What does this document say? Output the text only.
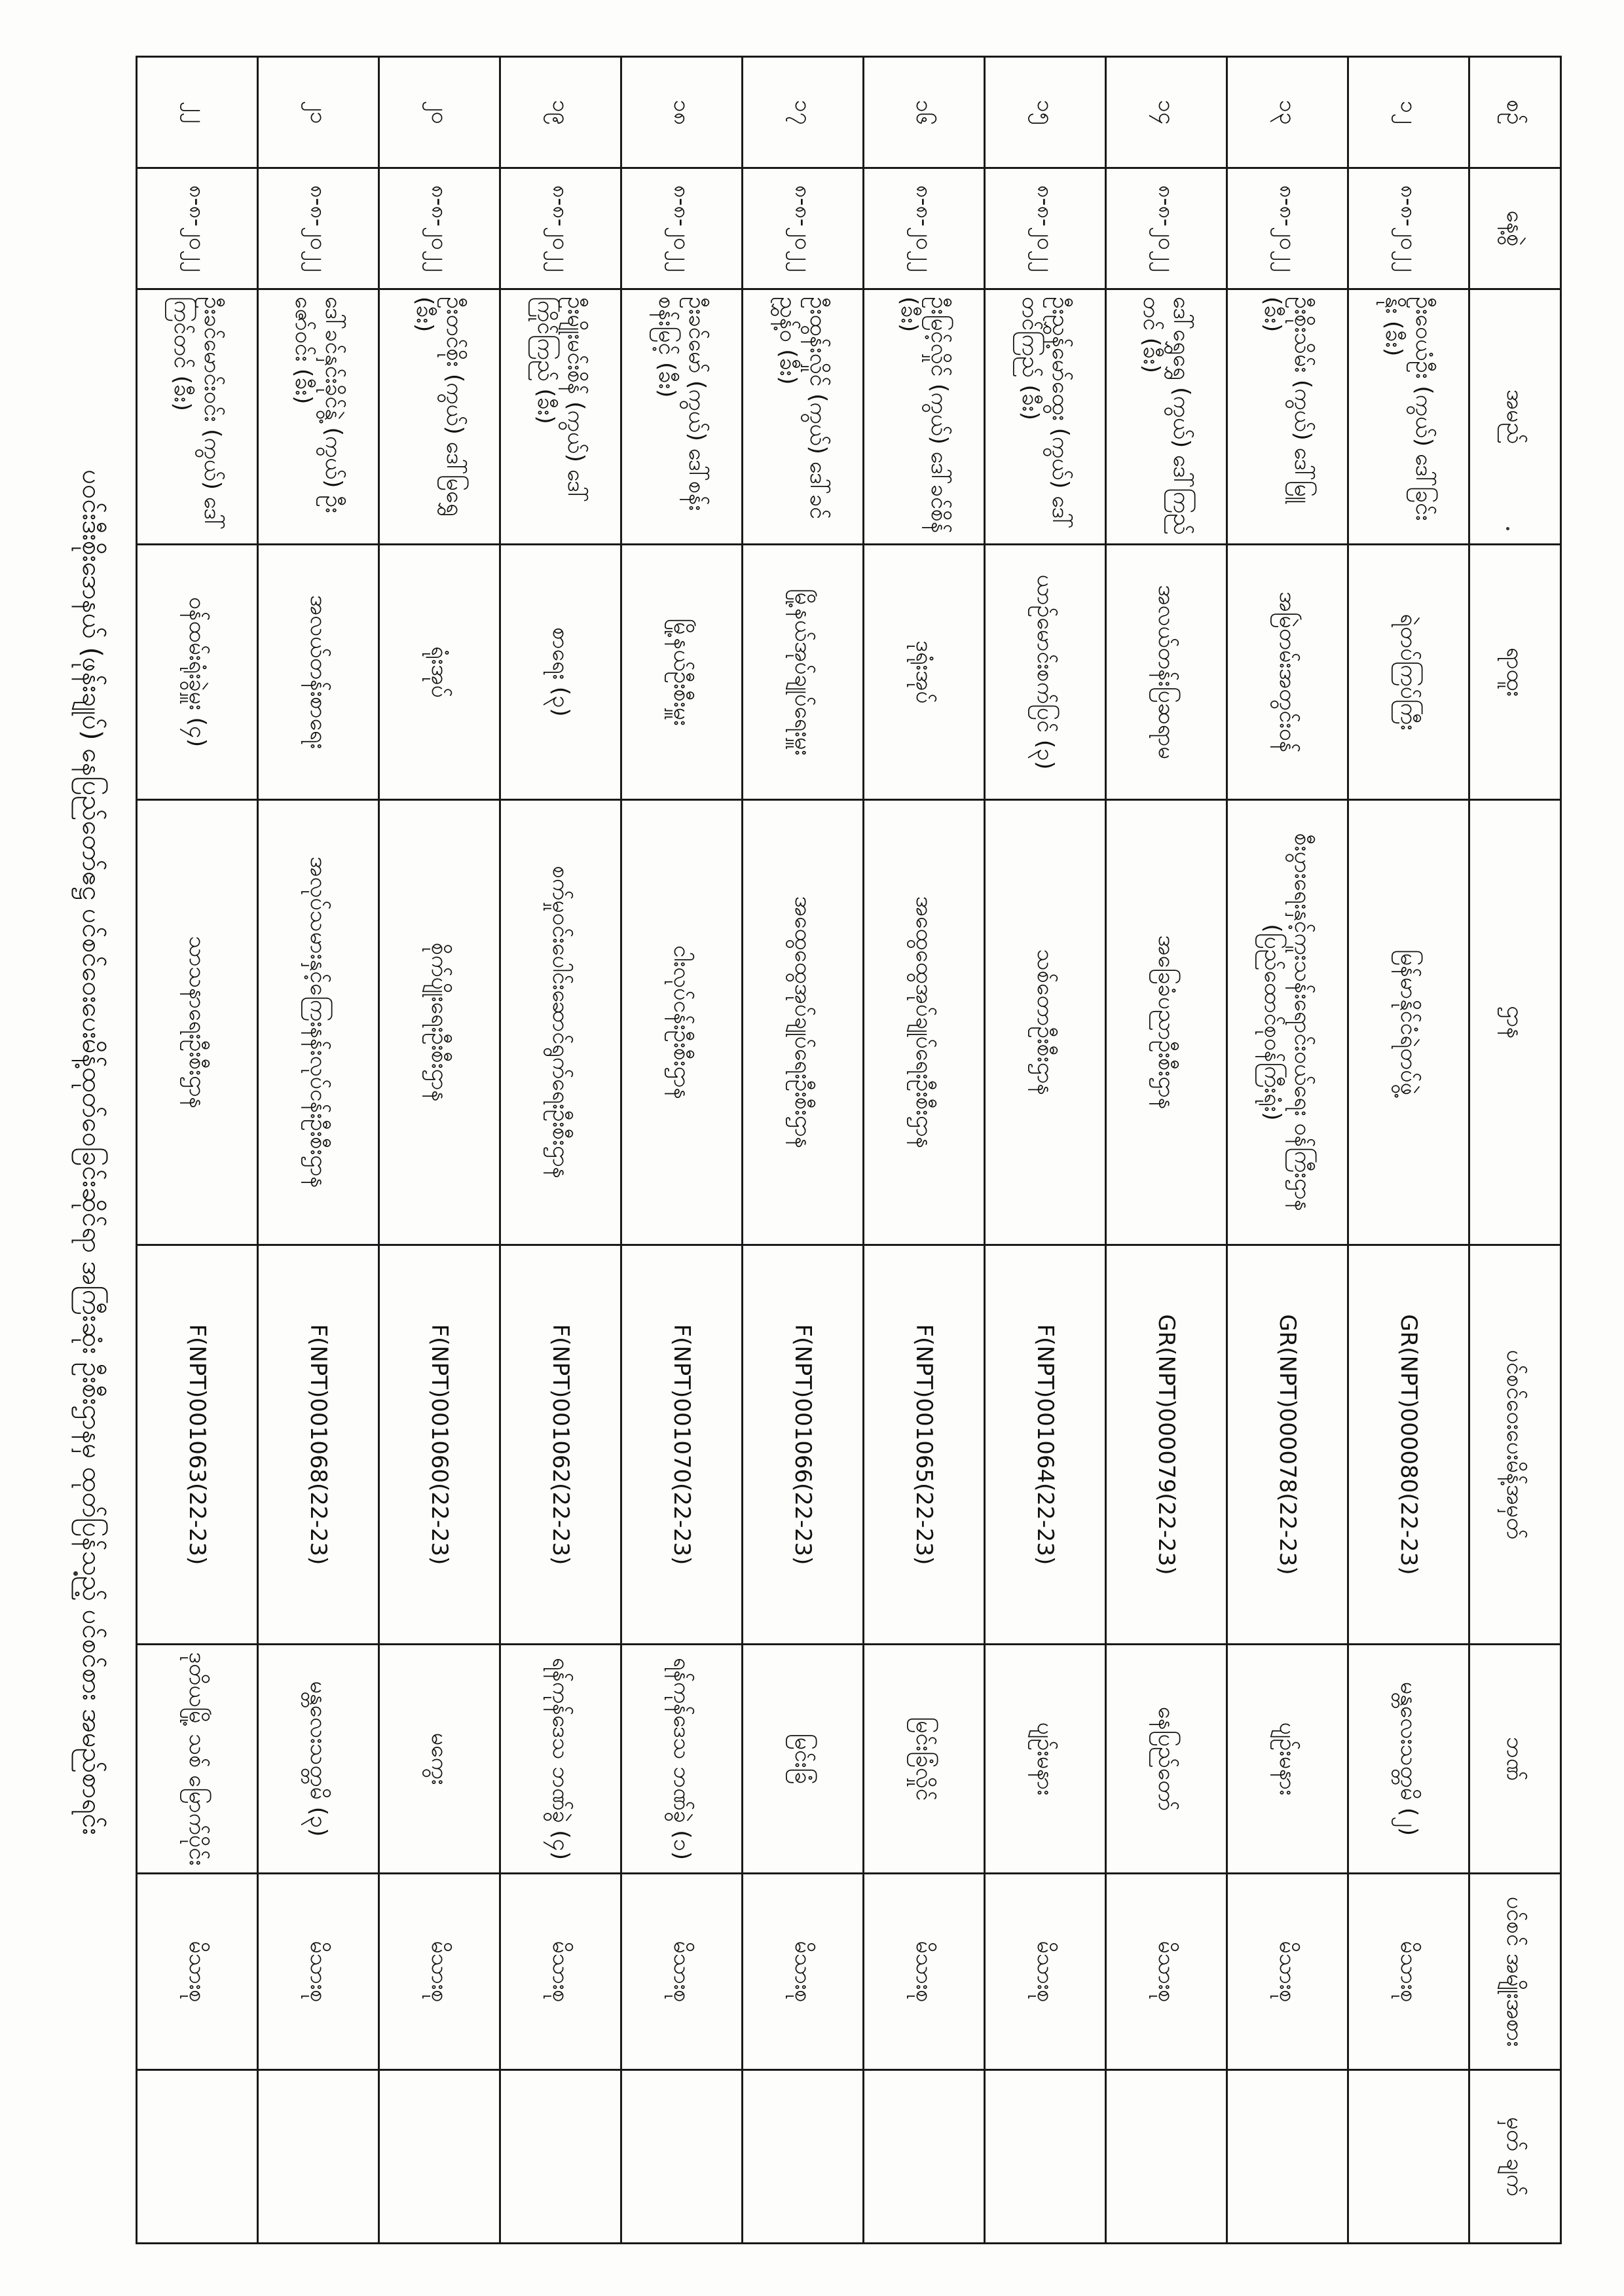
ပဝင်းဒီးစိုးဒောနယ် (ဖုန်းချုပ်) နေပြည်တော်ဧဋ္ဌ ပင်စင်ဝေးပေးမိန့်ထုတ်ဝေခြင်းဆိုင်ရာ အကြီးဆုံး ဦးစီးဌာနမှ ထုတ်ပြန်သည့် ပင်စင်စား အမည်စာရင်း
စဉ်	နေ့စွဲ	အမည်	ရာထူး	ဌာန	ပင်စင်ဝေးပေးမိန့်အမှတ်	ဘဏ်	ပင်စင် အမျိုးအစား	မှတ် ချက်
၁၂	၈-၈-၂၀၂၂	ဦးဝေယံဦး (ကွယ်) ဒေါ်ခြင်းနိုး (ခီး)	ရဲတပ်ကြပ်ကြီး	မြန်မာနိုင်ငံရဲတပ်ဖွဲ့	GR(NPT)000080(22-23)	မန္တလေးသတ္တမိ (၂)	မိသားစု	
၁၃	၈-၈-၂၀၂၂	ဦးစိုးသိမ်း (ကွယ်) ဒေါ်မြူ (ခီး)	အမြဲတမ်းအတွင်းဝန်	စီးပွားရေးနှင့်ကူးသန်းရောင်းဝယ်ရေး ဝန်ကြီးဌာန (ပြည်ထောင်စုဝန်ကြီးရုံး)	GR(NPT)000078(22-23)	ပျဉ်းမနား	မိသားစု	
၁၄	၈-၈-၂၀၂၂	ဒေါ်ရွှေရွှေ (ကွယ်) ဒေါ်ကြည်တင် (ခီး)	အလယ်တန်းပြဆရာမ	အခြေခံပညာဦးစီးဌာန	GR(NPT)000079(22-23)	နေပြည်တော်	မိသားစု	
၁၅	၈-၈-၂၀၂၂	ဦးညွှန့်မော်ထွေး (ကွယ်) ဒေါ်တင်ကြည် (ခီး)	ယာဉ်မောင်းစက်ပြင် (၃)	သစ်တောဦးစီးဌာန	F(NPT)001064(22-23)	ပျဉ်းမနား	မိသားစု	
၁၆	၈-၈-၂၀၂၂	ဦးမြင့်လှိုင် (ကွယ်) ဒေါ်ခင်စိန် (ခီး)	ဒုရုံးအုပ်	အထွေထွေအုပ်ချုပ်ရေးဦးစီးဌာန	F(NPT)001065(22-23)	မြင်းခြံလှိုင်	မိသားစု	
၁၇	၈-၈-၂၀၂၂	ဦးထွန်းလှိုင် (ကွယ်) ဒေါ်ခင်ညွှန့်ဝ (ခီး)	မြို့နယ်အုပ်ချုပ်ရေးမှူး	အထွေထွေအုပ်ချုပ်ရေးဦးစီးဌာန	F(NPT)001066(22-23)	မြင်းခြံ	မိသားစု	
၁၈	၈-၈-၂၀၂၂	ဦးခင်မော် (ကွယ်) ဒေါ်စန်းစန်းမြင့် (ခီး)	မြို့နယ်ဦးစီးမှူး	ငါးလုပ်ငန်းဦးစီးဌာန	F(NPT)001070(22-23)	ရန်ကုန်ဒေသ ဘဏ်ခွဲ (၁)	မိသားစု	
၁၉	၈-၈-၂၀၂၂	ဦးမျိုးမင်းစိန် (ကွယ်) ဒေါ်ကြိုင်ကြည် (ခီး)	စာရေး (၃)	စက်မှုဝင်းပေါင်းဆောင်ရွက်ရေးဦးစီးဌာန	F(NPT)001062(22-23)	ရန်ကုန်ဒေသ ဘဏ်ခွဲ (၄)	မိသားစု	
၂၀	၈-၈-၂၀၂၂	ဦးတင်စိုး (ကွယ်) ဒေါ်မြရွှေ (ခီး)	ရုံးအုပ်	စိုက်ပျိုးရေးဦးစီးဌာန	F(NPT)001060(22-23)	မကွေး	မိသားစု	
၂၁	၈-၈-၂၀၂၂	ဒေါ်ခင်နှင်းခိုင်နွဲ့ (ကွယ်) ဦးဇော်ဝင်း (ခီး)	အလယ်တန်းစာရေး	အလုပ်သမားနှင့်ကြေးနန်းလုပ်ငန်းဦးစီးဌာန	F(NPT)001068(22-23)	မန္တလေးသတ္တမိ (၃)	မိသားစု	
၂၂	၈-၈-၂၀၂၂	ဦးခင်မောင်းဝင်း (ကွယ်) ဒေါ်ကြင်တင် (ခီး)	ဝန်ထမ်းရုံးခွဲမှူး (၄)	သာသနာရေးဦးစီးဌာန	F(NPT)001063(22-23)	ဒုတိယမြို့ သစ် မြောက်ပိုင်း	မိသားစု	
